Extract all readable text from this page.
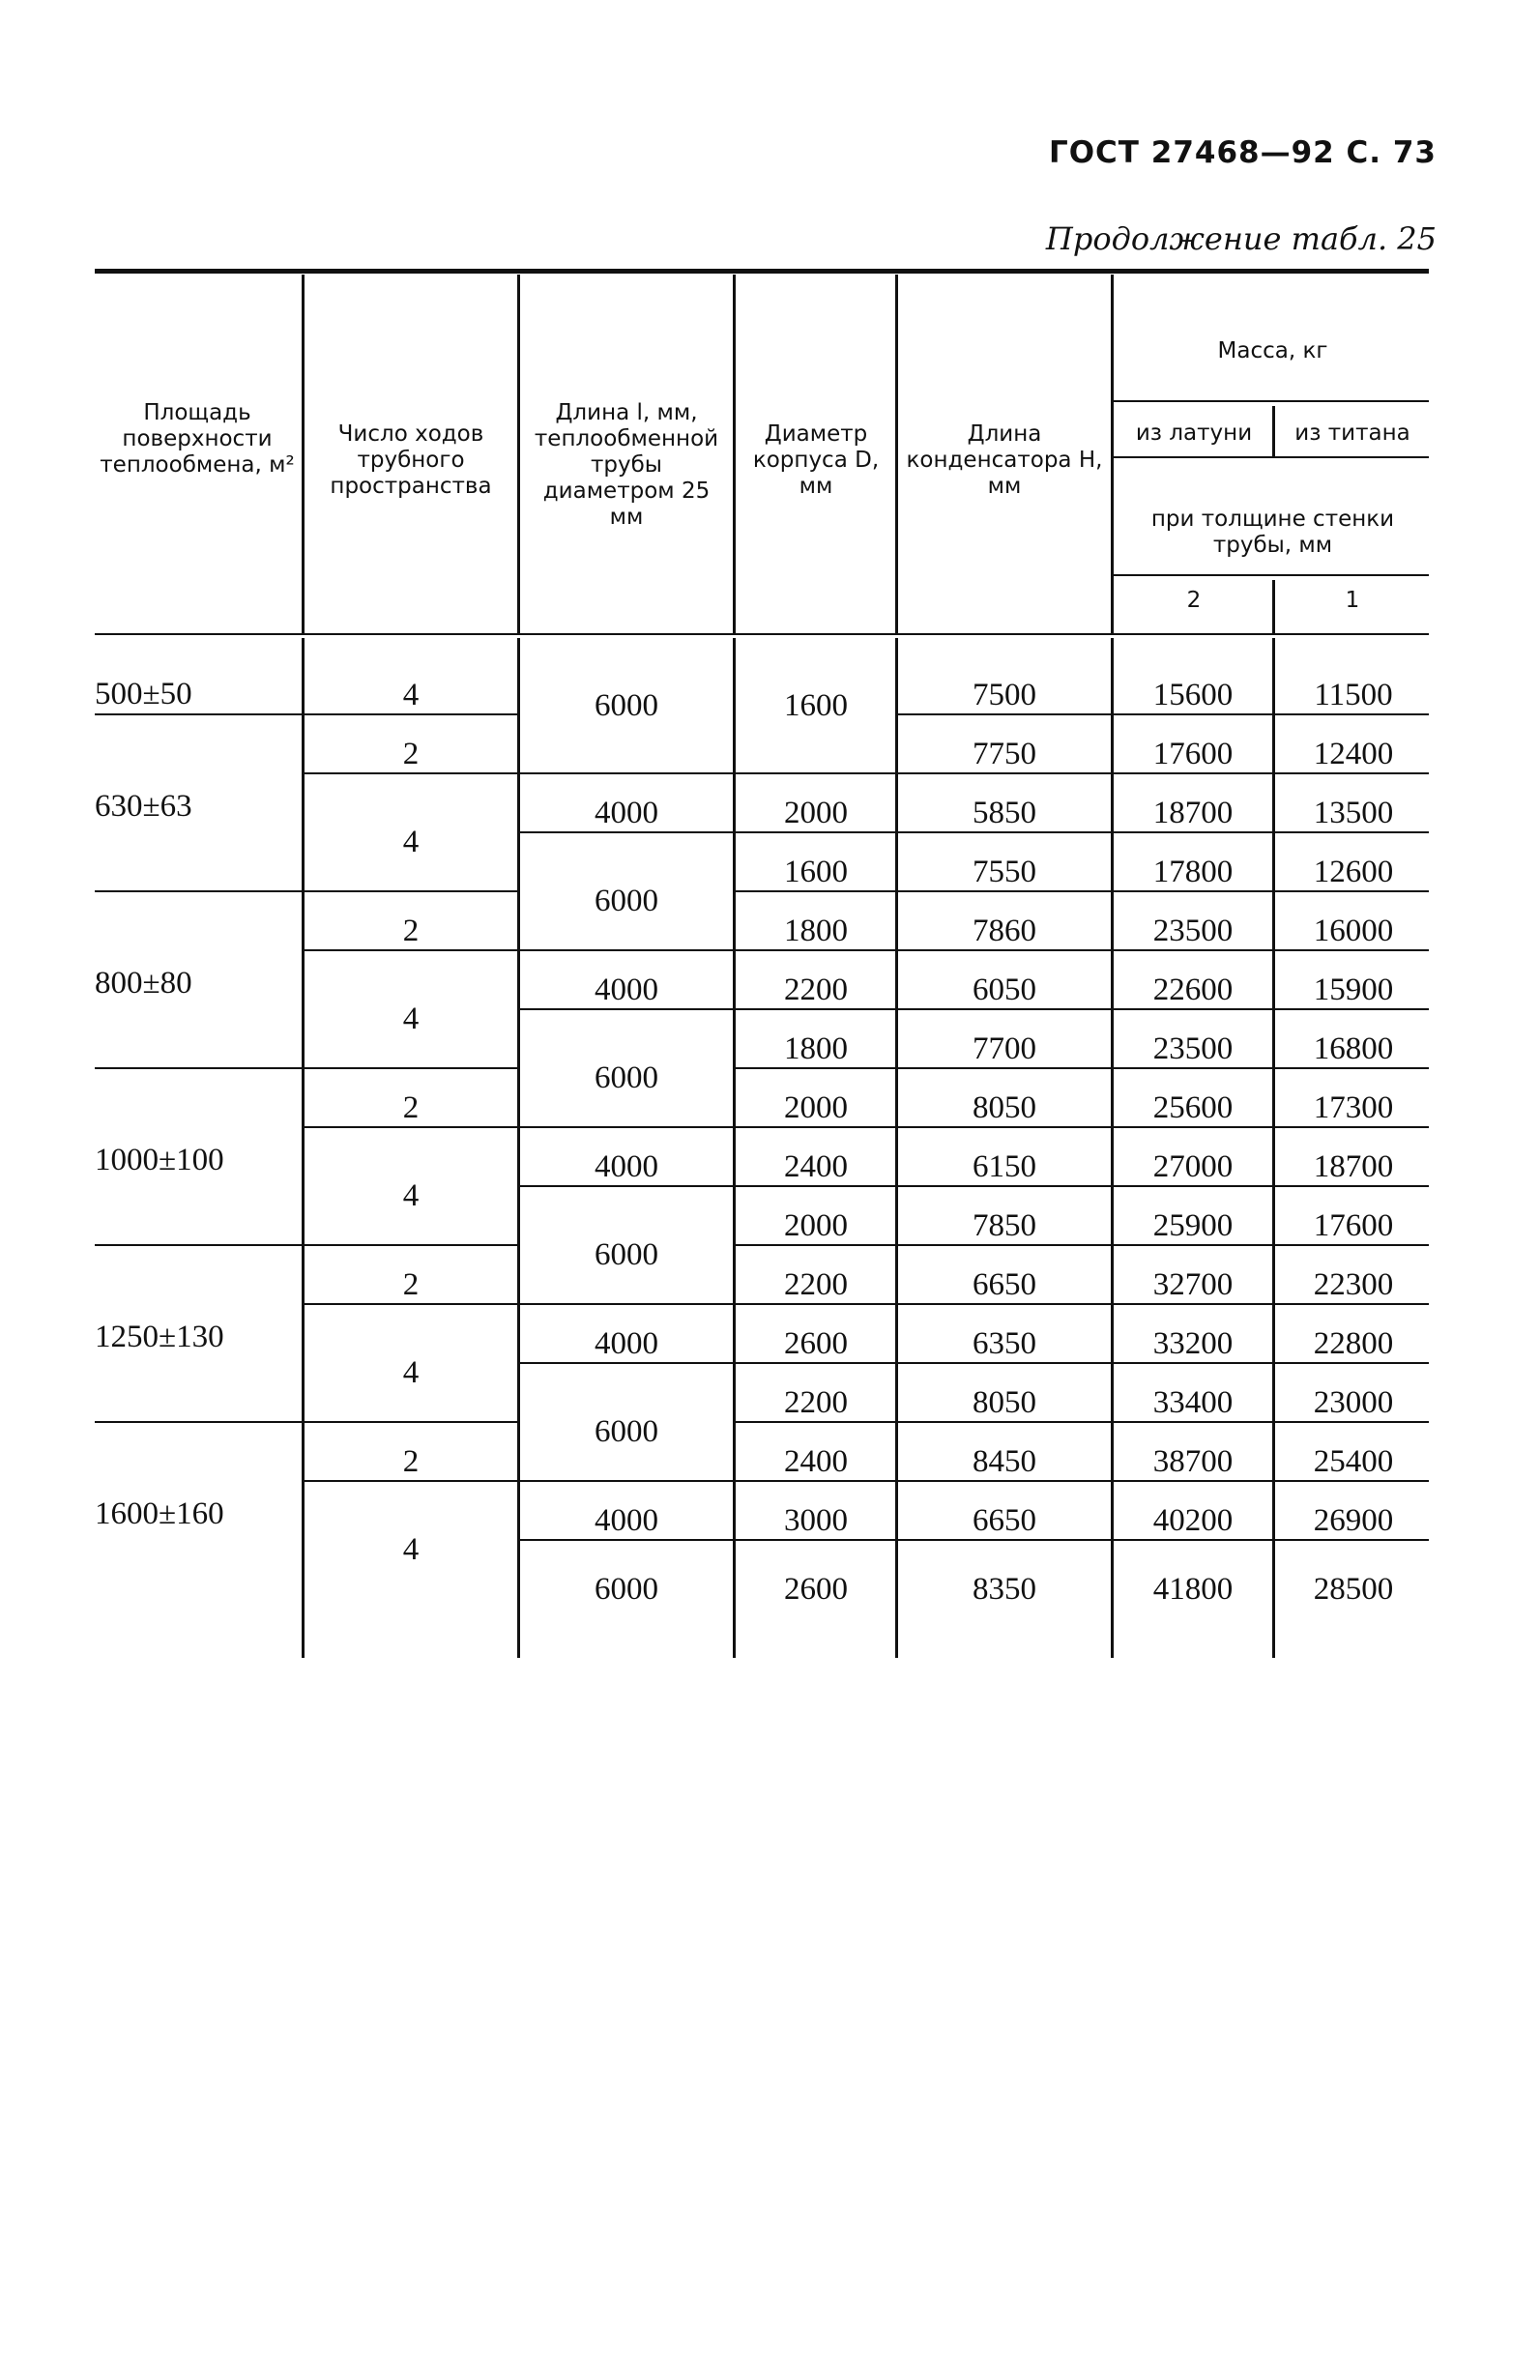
ГОСТ 27468—92 С. 73
Продолжение табл. 25
Площадь поверхности теплообмена, м²
Число ходов трубного пространства
Длина l, мм, теплообменной трубы диаметром 25 мм
Диаметр корпуса D, мм
Длина конденсатора H, мм
Масса, кг
из латуни	из титана
при толщине стенки трубы, мм
2	1
500±50
630±63
800±80
1000±100
1250±130
1600±160
4
2
4
2
4
2
4
2
4
2
4
6000
4000
6000
4000
6000
4000
6000
4000
6000
4000
6000
1600
2000
1600
1800
2200
1800
2000
2400
2000
2200
2600
2200
2400
3000
2600
7500
7750
5850
7550
7860
6050
7700
8050
6150
7850
6650
6350
8050
8450
6650
8350
15600
17600
18700
17800
23500
22600
23500
25600
27000
25900
32700
33200
33400
38700
40200
41800
11500
12400
13500
12600
16000
15900
16800
17300
18700
17600
22300
22800
23000
25400
26900
28500
